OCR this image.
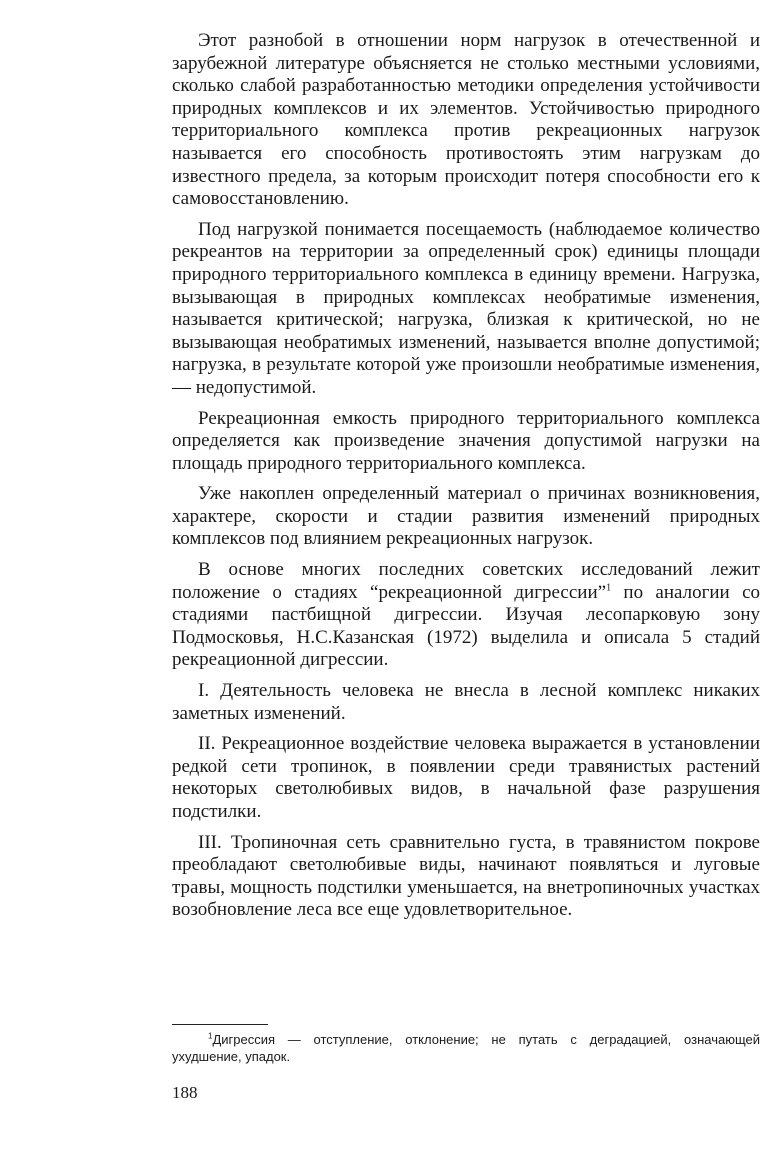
Этот разнобой в отношении норм нагрузок в отечественной и зарубежной литературе объясняется не столько местными условиями, сколько слабой разработанностью методики определения устойчивости природных комплексов и их элементов. Устойчивостью природного территориального комплекса против рекреационных нагрузок называется его способность противостоять этим нагрузкам до известного предела, за которым происходит потеря способности его к самовосстановлению.

Под нагрузкой понимается посещаемость (наблюдаемое количество рекреантов на территории за определенный срок) единицы площади природного территориального комплекса в единицу времени. Нагрузка, вызывающая в природных комплексах необратимые изменения, называется критической; нагрузка, близкая к критической, но не вызывающая необратимых изменений, называется вполне допустимой; нагрузка, в результате которой уже произошли необратимые изменения, — недопустимой.

Рекреационная емкость природного территориального комплекса определяется как произведение значения допустимой нагрузки на площадь природного территориального комплекса.

Уже накоплен определенный материал о причинах возникновения, характере, скорости и стадии развития изменений природных комплексов под влиянием рекреационных нагрузок.

В основе многих последних советских исследований лежит положение о стадиях “рекреационной дигрессии”$^1$ по аналогии со стадиями пастбищной дигрессии. Изучая лесопарковую зону Подмосковья, Н.С.Казанская (1972) выделила и описала 5 стадий рекреационной дигрессии.

I. Деятельность человека не внесла в лесной комплекс никаких заметных изменений.

II. Рекреационное воздействие человека выражается в установлении редкой сети тропинок, в появлении среди травянистых растений некоторых светолюбивых видов, в начальной фазе разрушения подстилки.

III. Тропиночная сеть сравнительно густа, в травянистом покрове преобладают светолюбивые виды, начинают появляться и луговые травы, мощность подстилки уменьшается, на внетропиночных участках возобновление леса все еще удовлетворительное.

$^1$Дигрессия — отступление, отклонение; не путать с деградацией, означающей ухудшение, упадок.

188
